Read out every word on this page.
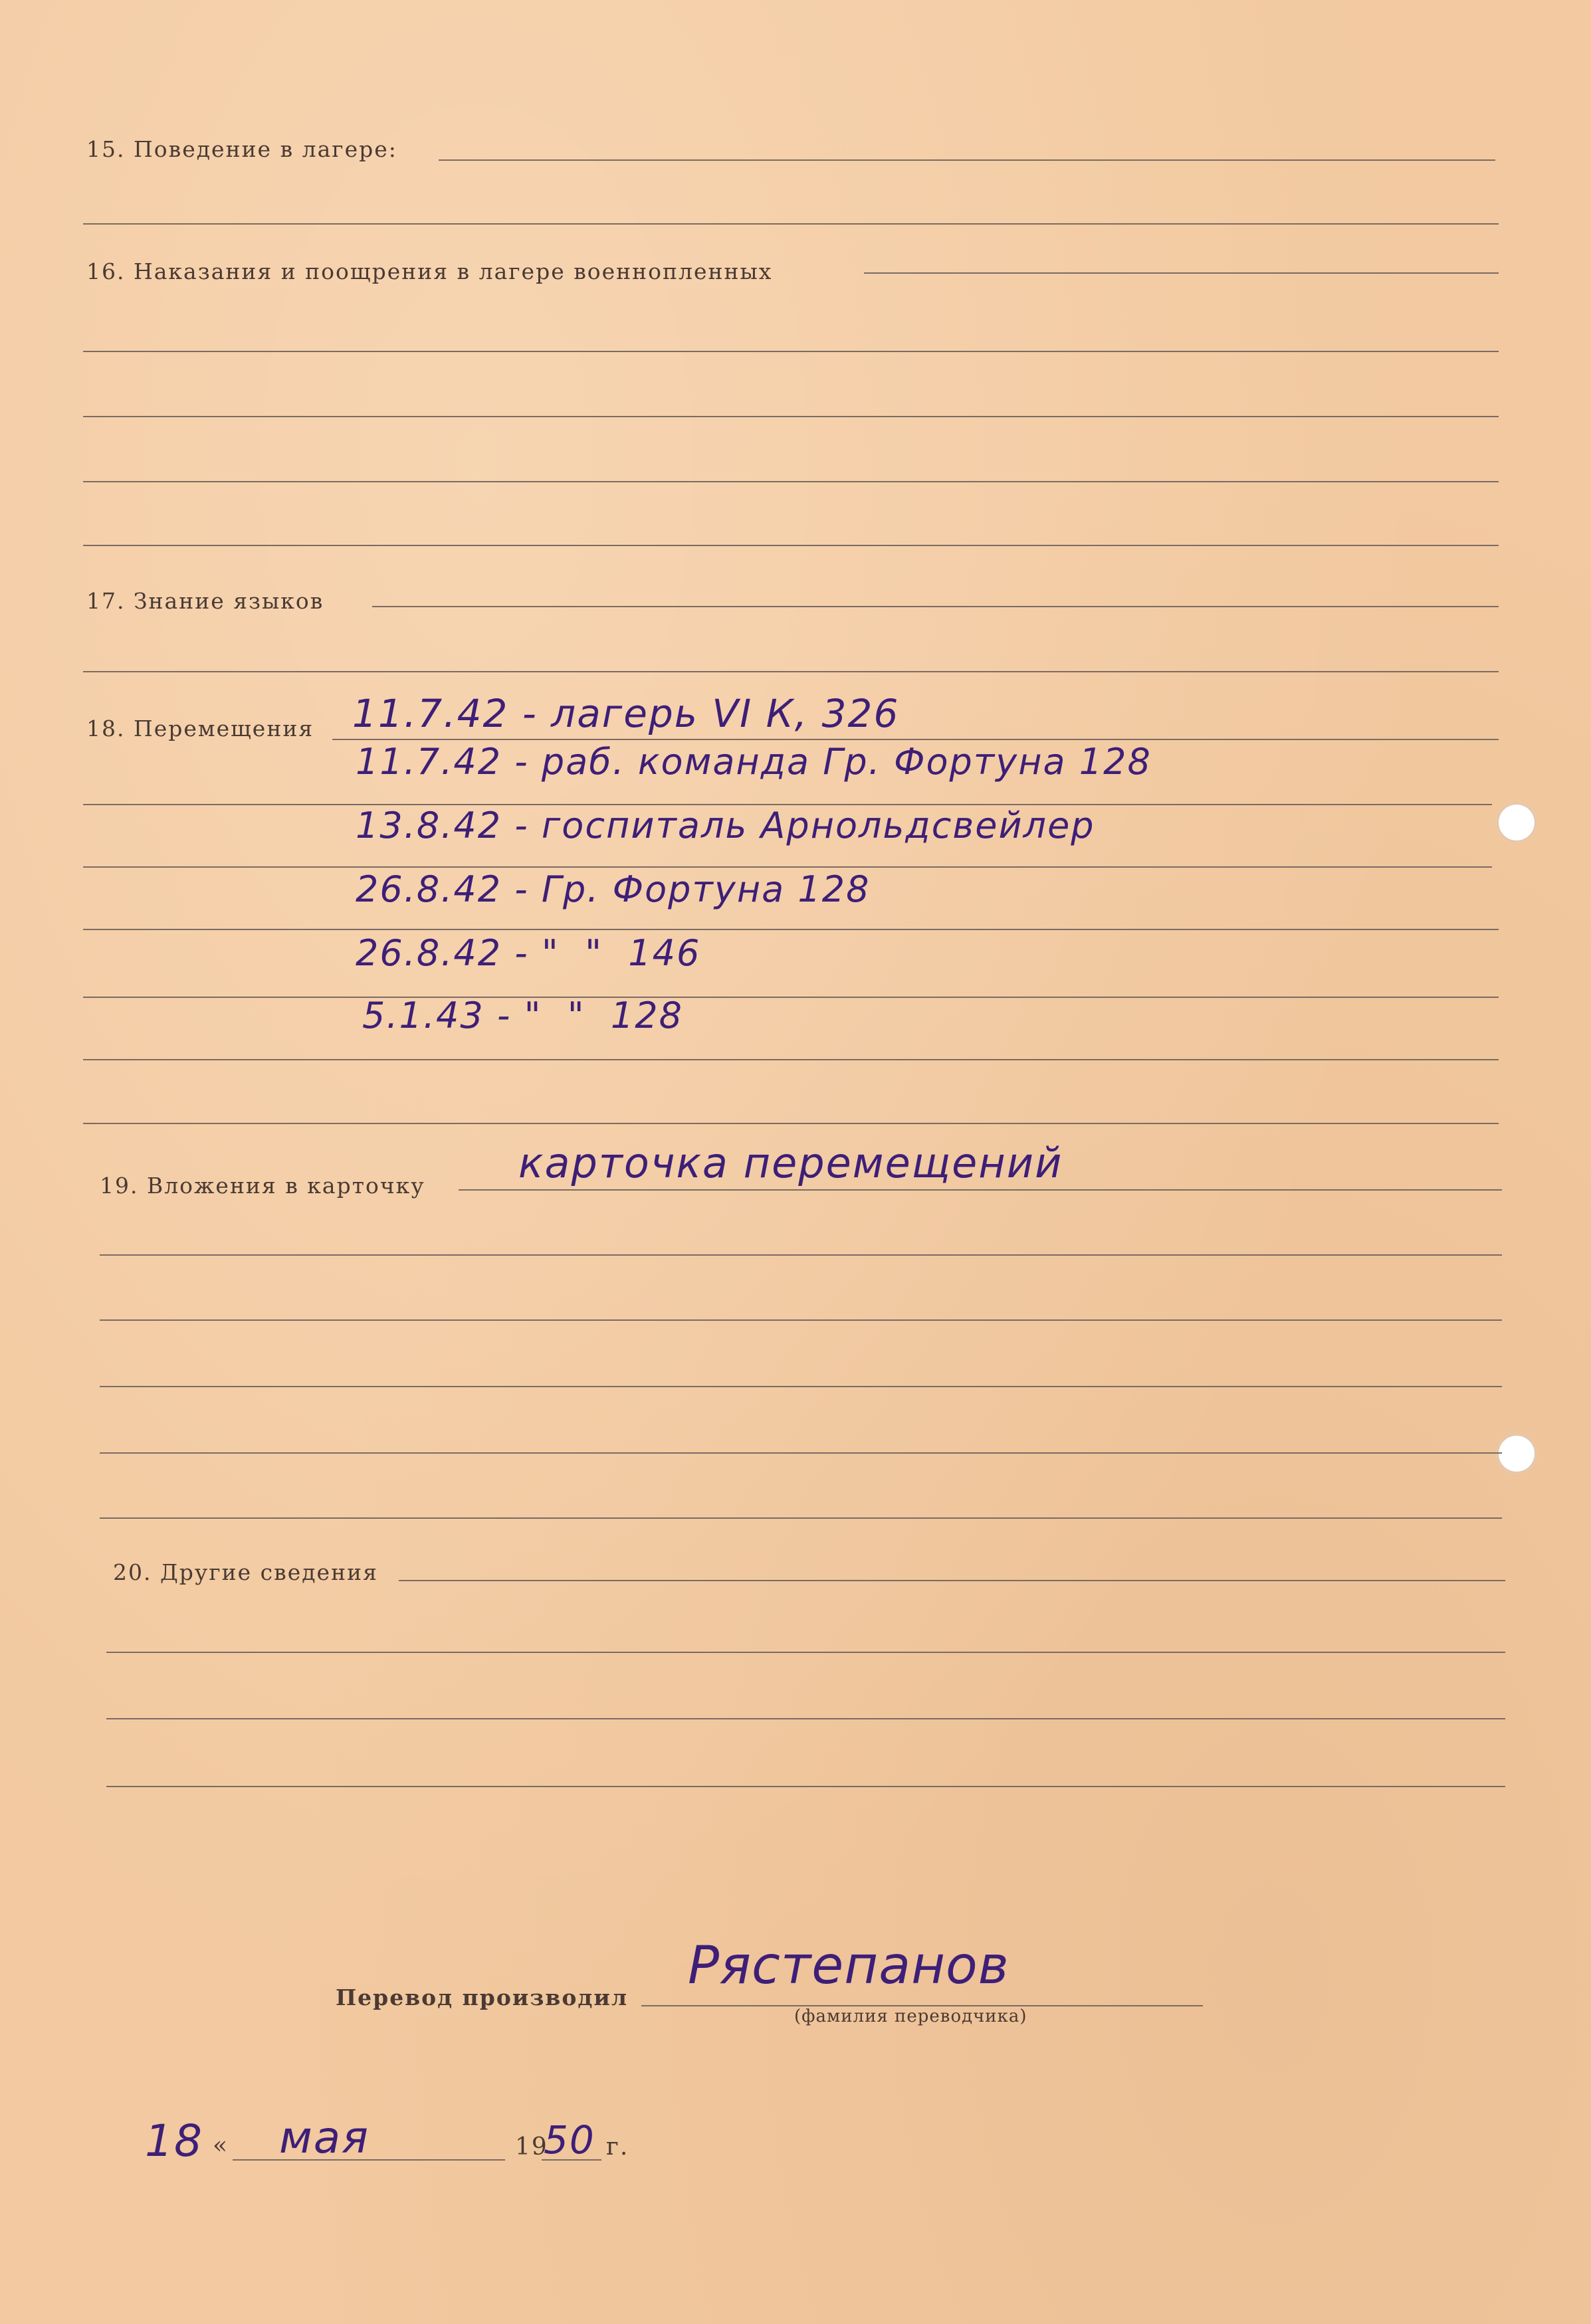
15. Поведение в лагере:
16. Наказания и поощрения в лагере военнопленных
17. Знание языков
18. Перемещения 11.7.42 - лагерь VI К, 326
11.7.42 - раб. команда Гр. Фортуна 128
13.8.42 - госпиталь Арнольдсвейлер
26.8.42 - Гр. Фортуна 128
26.8.42 - "  "  146
5.1.43 - "  "  128
19. Вложения в карточку карточка перемещений
20. Другие сведения
Перевод производил
Рястепанов
(фамилия переводчика)
18 « мая	19
50 г.
